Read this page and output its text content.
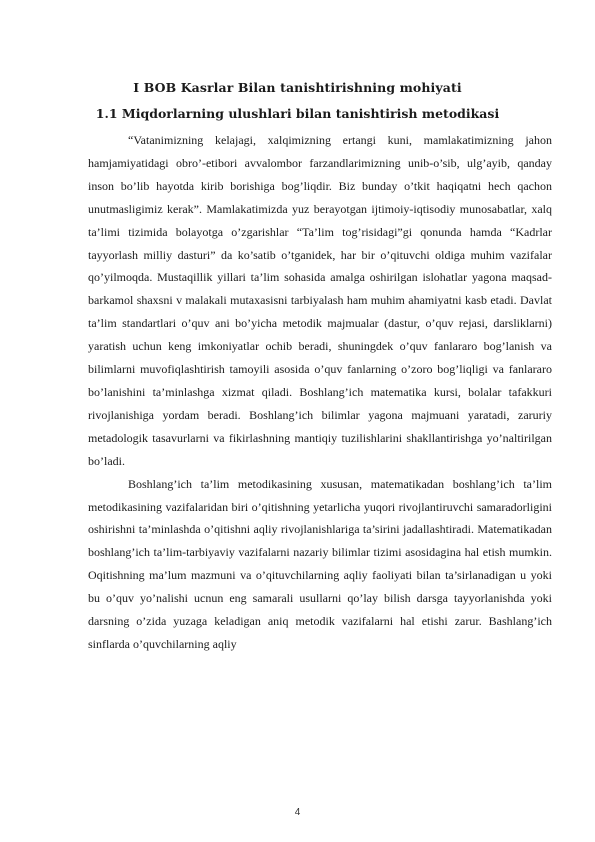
I BOB Kasrlar Bilan tanishtirishning mohiyati
1.1 Miqdorlarning ulushlari bilan tanishtirish metodikasi

“Vatanimizning kelajagi, xalqimizning ertangi kuni, mamlakatimizning jahon hamjamiyatidagi obro’-etibori avvalombor farzandlarimizning unib-o’sib, ulg’ayib, qanday inson bo’lib hayotda kirib borishiga bog’liqdir. Biz bunday o’tkit haqiqatni hech qachon unutmasligimiz kerak”. Mamlakatimizda yuz berayotgan ijtimoiy-iqtisodiy munosabatlar, xalq ta’limi tizimida bolayotga o’zgarishlar “Ta’lim tog’risidagi”gi qonunda hamda “Kadrlar tayyorlash milliy dasturi” da ko’satib o’tganidek, har bir o’qituvchi oldiga muhim vazifalar qo’yilmoqda. Mustaqillik yillari ta’lim sohasida amalga oshirilgan islohatlar yagona maqsad-barkamol shaxsni v malakali mutaxasisni tarbiyalash ham muhim ahamiyatni kasb etadi. Davlat ta’lim standartlari o’quv ani bo’yicha metodik majmualar (dastur, o’quv rejasi, darsliklarni) yaratish uchun keng imkoniyatlar ochib beradi, shuningdek o’quv fanlararo bog’lanish va bilimlarni muvofiqlashtirish tamoyili asosida o’quv fanlarning o’zoro bog’liqligi va fanlararo bo’lanishini ta’minlashga xizmat qiladi. Boshlang’ich matematika kursi, bolalar tafakkuri rivojlanishiga yordam beradi. Boshlang’ich bilimlar yagona majmuani yaratadi, zaruriy metadologik tasavurlarni va fikirlashning mantiqiy tuzilishlarini shakllantirishga yo’naltirilgan bo’ladi.

Boshlang’ich ta’lim metodikasining xususan, matematikadan boshlang’ich ta’lim metodikasining vazifalaridan biri o’qitishning yetarlicha yuqori rivojlantiruvchi samaradorligini oshirishni ta’minlashda o’qitishni aqliy rivojlanishlariga ta’sirini jadallashtiradi. Matematikadan boshlang’ich ta’lim-tarbiyaviy vazifalarni nazariy bilimlar tizimi asosidagina hal etish mumkin. Oqitishning ma’lum mazmuni va o’qituvchilarning aqliy faoliyati bilan ta’sirlanadigan u yoki bu o’quv yo’nalishi ucnun eng samarali usullarni qo’lay bilish darsga tayyorlanishda yoki darsning o’zida yuzaga keladigan aniq metodik vazifalarni hal etishi zarur. Bashlang’ich sinflarda o’quvchilarning aqliy

4
